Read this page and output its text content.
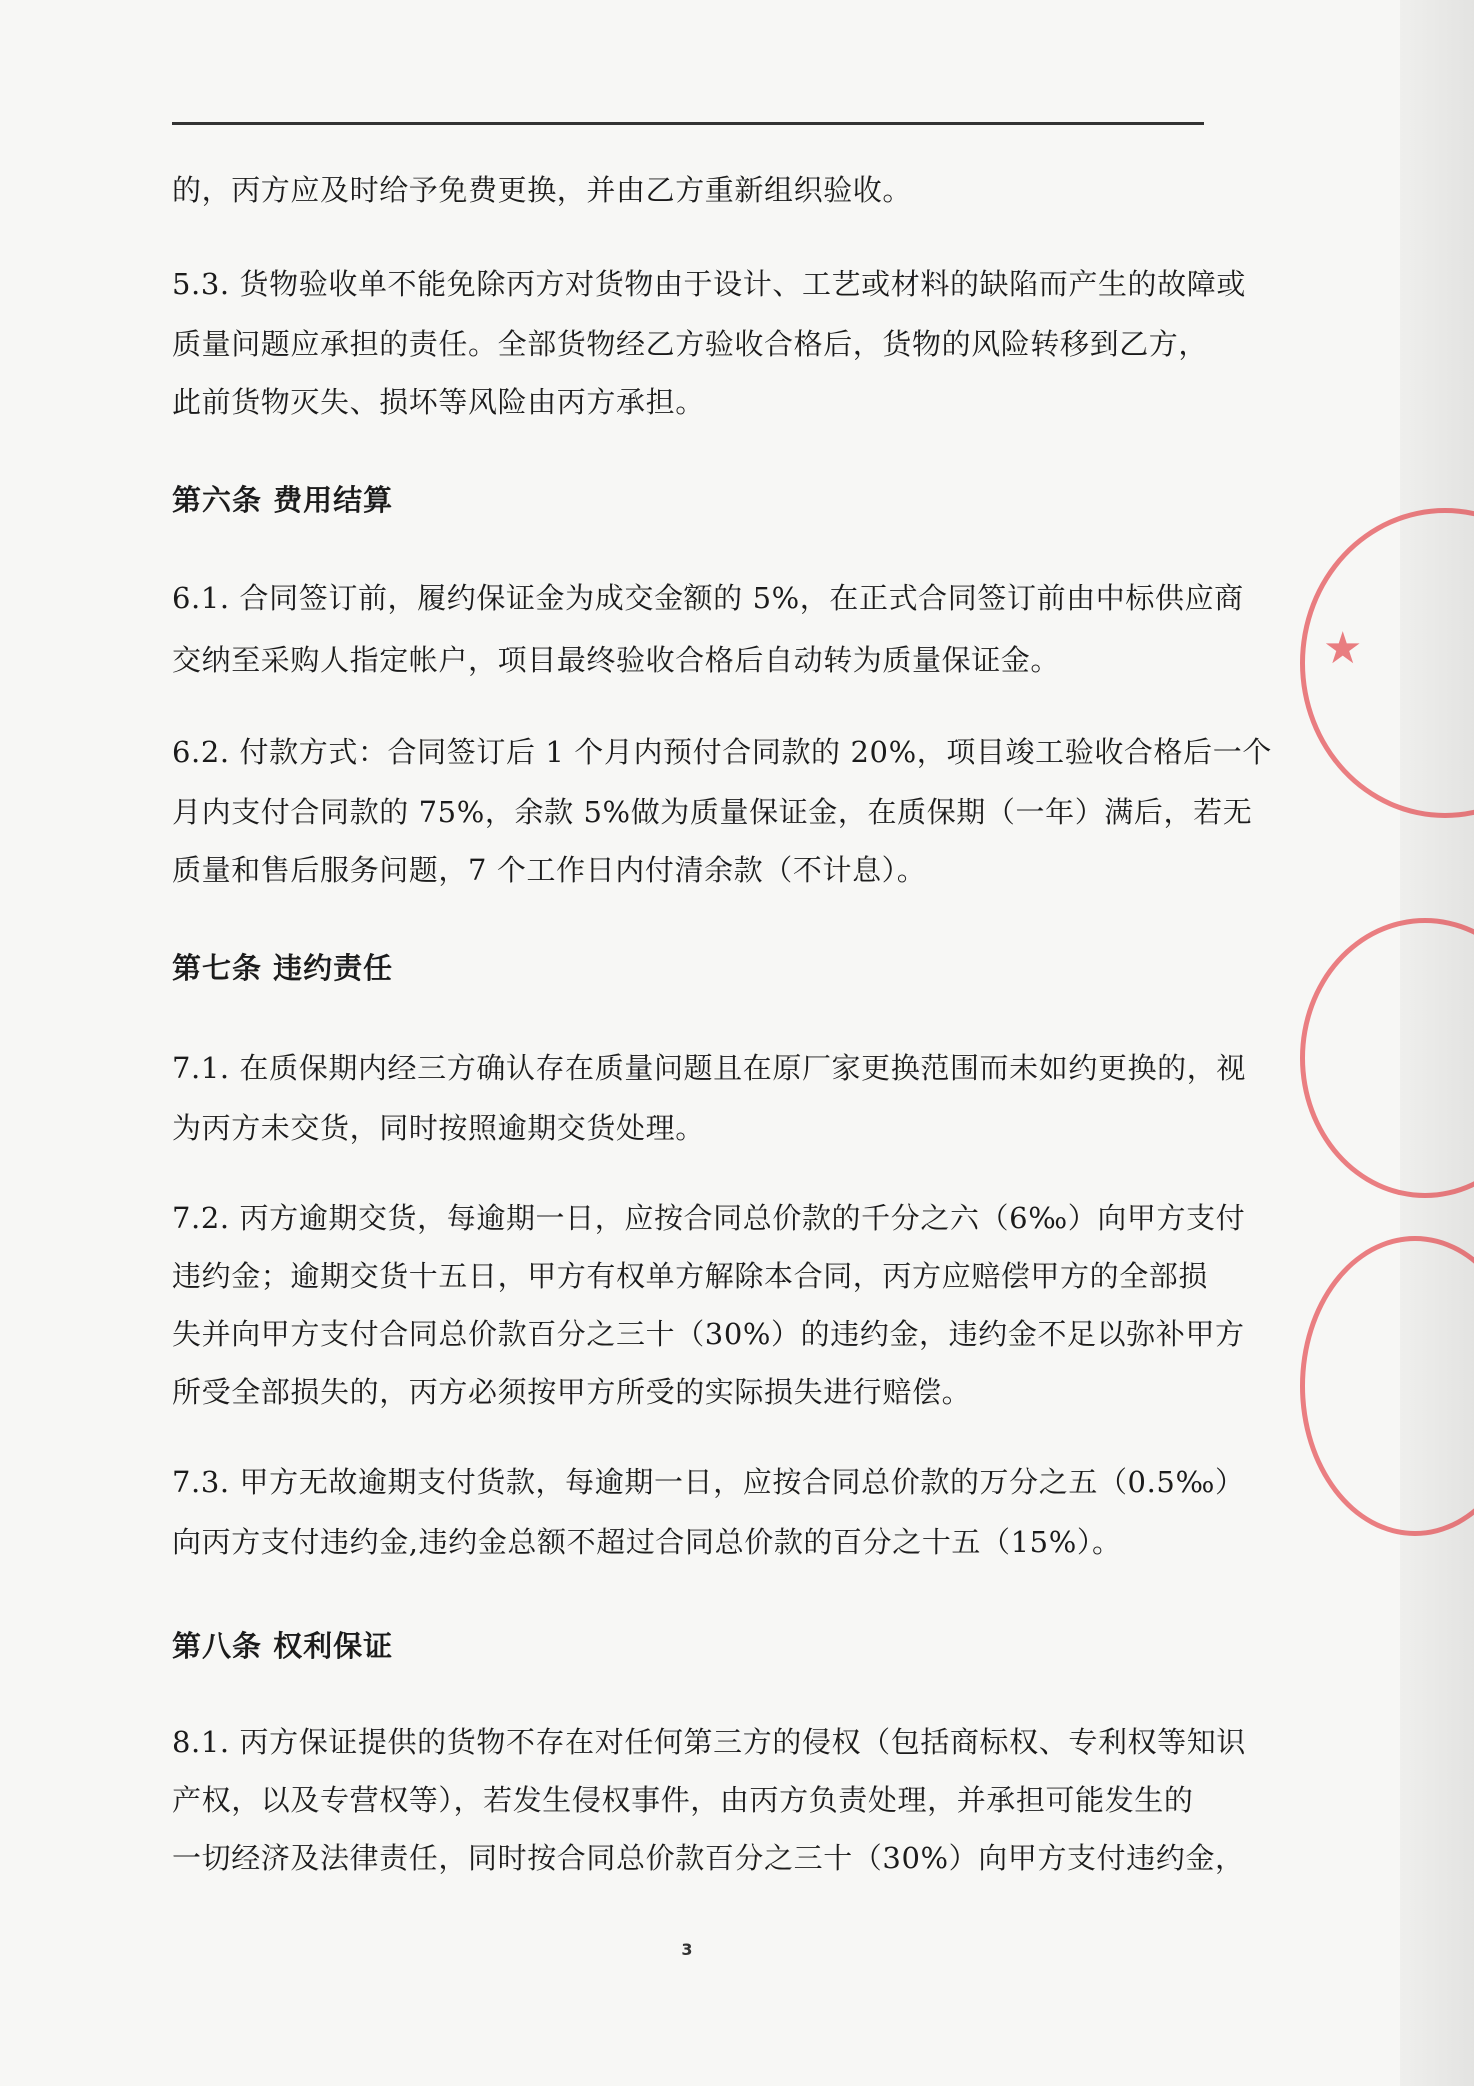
的，丙方应及时给予免费更换，并由乙方重新组织验收。

5.3. 货物验收单不能免除丙方对货物由于设计、工艺或材料的缺陷而产生的故障或

质量问题应承担的责任。全部货物经乙方验收合格后，货物的风险转移到乙方，

此前货物灭失、损坏等风险由丙方承担。

第六条 费用结算

6.1. 合同签订前，履约保证金为成交金额的 5%，在正式合同签订前由中标供应商

交纳至采购人指定帐户，项目最终验收合格后自动转为质量保证金。

6.2. 付款方式：合同签订后 1 个月内预付合同款的 20%，项目竣工验收合格后一个

月内支付合同款的 75%，余款 5%做为质量保证金，在质保期（一年）满后，若无

质量和售后服务问题，7 个工作日内付清余款（不计息）。

第七条 违约责任

7.1. 在质保期内经三方确认存在质量问题且在原厂家更换范围而未如约更换的，视

为丙方未交货，同时按照逾期交货处理。

7.2. 丙方逾期交货，每逾期一日，应按合同总价款的千分之六（6‰）向甲方支付

违约金；逾期交货十五日，甲方有权单方解除本合同，丙方应赔偿甲方的全部损

失并向甲方支付合同总价款百分之三十（30%）的违约金，违约金不足以弥补甲方

所受全部损失的，丙方必须按甲方所受的实际损失进行赔偿。

7.3. 甲方无故逾期支付货款，每逾期一日，应按合同总价款的万分之五（0.5‰）

向丙方支付违约金,违约金总额不超过合同总价款的百分之十五（15%）。

第八条 权利保证

8.1. 丙方保证提供的货物不存在对任何第三方的侵权（包括商标权、专利权等知识

产权，以及专营权等），若发生侵权事件，由丙方负责处理，并承担可能发生的

一切经济及法律责任，同时按合同总价款百分之三十（30%）向甲方支付违约金，

3
★
